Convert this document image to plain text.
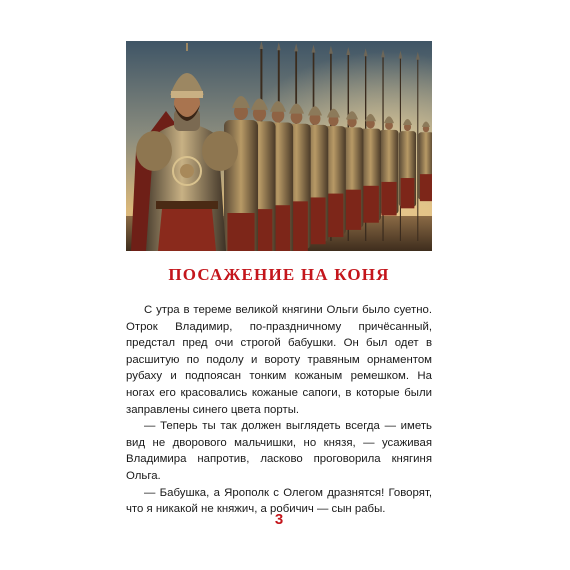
ПОСАЖЕНИЕ НА КОНЯ

С утра в тереме великой княгини Ольги было суетно. Отрок Владимир, по-праздничному причёсанный, предстал пред очи строгой бабушки. Он был одет в расшитую по подолу и вороту травяным орнаментом рубаху и подпоясан тонким кожаным ремешком. На ногах его красовались кожаные сапоги, в которые были заправлены синего цвета порты.

— Теперь ты так должен выглядеть всегда — иметь вид не дворового мальчишки, но князя, — усаживая Владимира напротив, ласково проговорила княгиня Ольга.

— Бабушка, а Ярополк с Олегом дразнятся! Говорят, что я никакой не княжич, а робичич — сын рабы.

3
